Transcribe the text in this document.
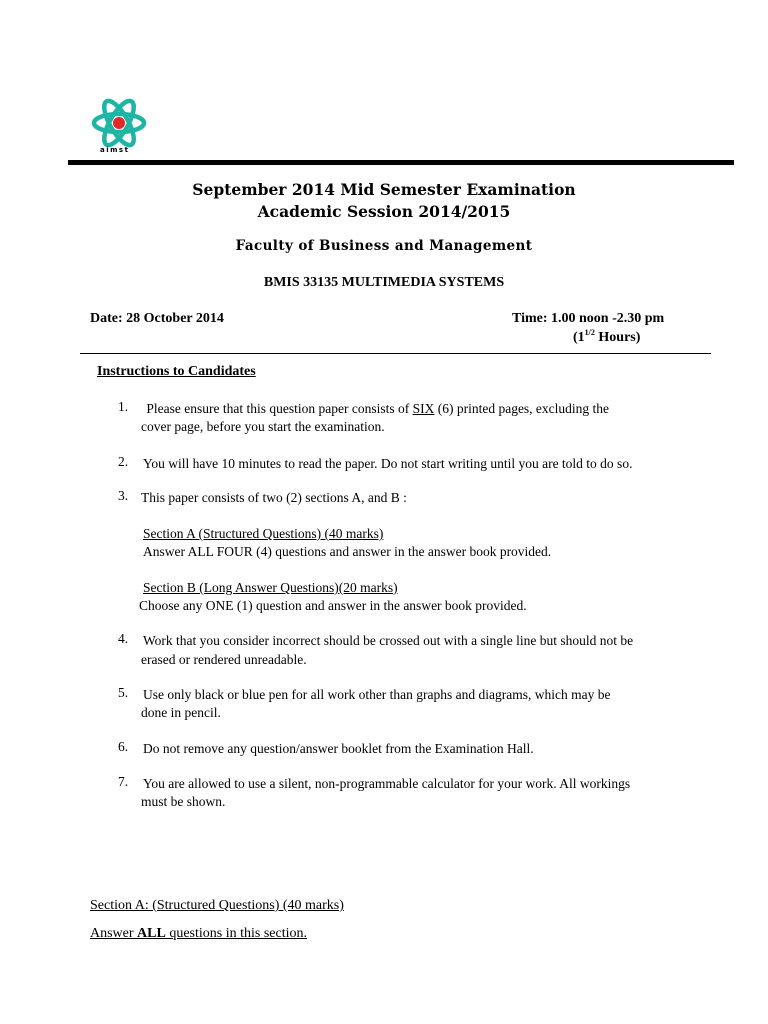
aimst
September 2014 Mid Semester Examination
Academic Session 2014/2015
Faculty of Business and Management
BMIS 33135 MULTIMEDIA SYSTEMS
Date: 28 October 2014	Time: 1.00 noon -2.30 pm
($1^{1/2}$ Hours)
Instructions to Candidates
1. Please ensure that this question paper consists of SIX (6) printed pages, excluding the
cover page, before you start the examination.
2. You will have 10 minutes to read the paper. Do not start writing until you are told to do so.
3. This paper consists of two (2) sections A, and B :
Section A (Structured Questions) (40 marks)
Answer ALL FOUR (4) questions and answer in the answer book provided.
Section B (Long Answer Questions)(20 marks)
Choose any ONE (1) question and answer in the answer book provided.
4. Work that you consider incorrect should be crossed out with a single line but should not be
erased or rendered unreadable.
5. Use only black or blue pen for all work other than graphs and diagrams, which may be
done in pencil.
6. Do not remove any question/answer booklet from the Examination Hall.
7. You are allowed to use a silent, non-programmable calculator for your work. All workings
must be shown.
Section A: (Structured Questions) (40 marks)
Answer ALL questions in this section.
